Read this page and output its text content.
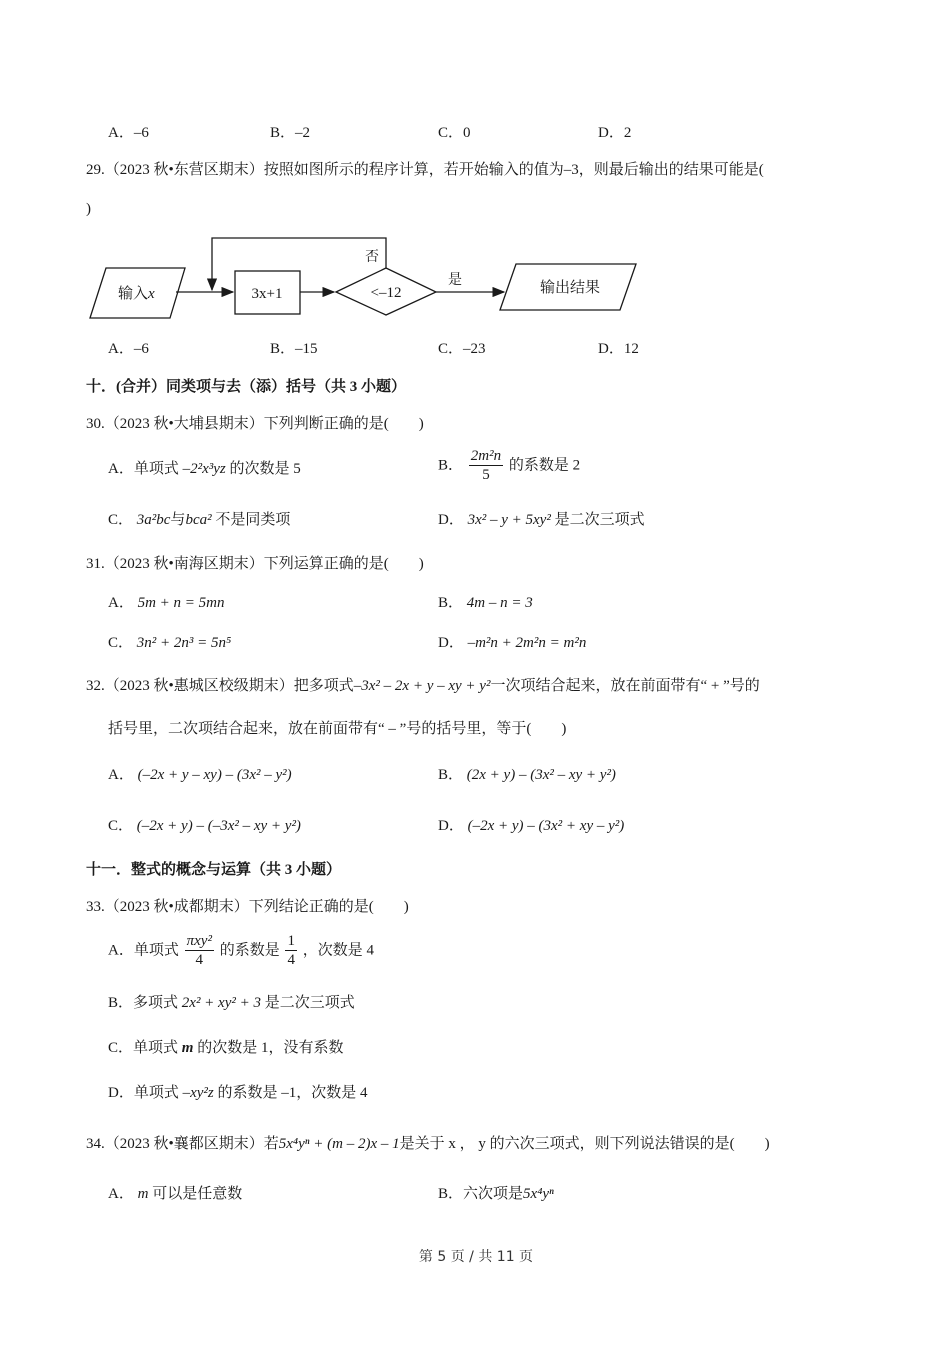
A．–6	B．–2	C．0	D．2
29.（2023 秋•东营区期末）按照如图所示的程序计算，若开始输入的值为–3，则最后输出的结果可能是(
)
输入x	3x+1	<–12
否
是	输出结果
A．–6	B．–15	C．–23	D．12
十．(合并）同类项与去（添）括号（共 3 小题）
30.（2023 秋•大埔县期末）下列判断正确的是(　　)
A．单项式 –2²x³yz 的次数是 5	B． $\frac{\text{2m²n}}{5}$ 的系数是 2
C． 3a²bc与bca² 不是同类项	D． 3x² – y + 5xy² 是二次三项式
31.（2023 秋•南海区期末）下列运算正确的是(　　)
A． 5m + n = 5mn	B． 4m – n = 3
C． 3n² + 2n³ = 5n⁵	D． –m²n + 2m²n = m²n
32.（2023 秋•惠城区校级期末）把多项式–3x² – 2x + y – xy + y²一次项结合起来，放在前面带有“ + ”号的
括号里，二次项结合起来，放在前面带有“ – ”号的括号里，等于(　　)
A． (–2x + y – xy) – (3x² – y²)	B． (2x + y) – (3x² – xy + y²)
C． (–2x + y) – (–3x² – xy + y²)	D． (–2x + y) – (3x² + xy – y²)
十一．整式的概念与运算（共 3 小题）
33.（2023 秋•成都期末）下列结论正确的是(　　)
A．单项式 $\frac{\text{πxy²}}{4}$ 的系数是 $\frac{1}{4}$ ，次数是 4
B．多项式 2x² + xy² + 3 是二次三项式
C．单项式 m 的次数是 1，没有系数
D．单项式 –xy²z 的系数是 –1，次数是 4
34.（2023 秋•襄都区期末）若5x⁴yⁿ + (m – 2)x – 1是关于 x ， y 的六次三项式，则下列说法错误的是(　　)
A． m 可以是任意数	B．六次项是5x⁴yⁿ
第 5 页 / 共 11 页
